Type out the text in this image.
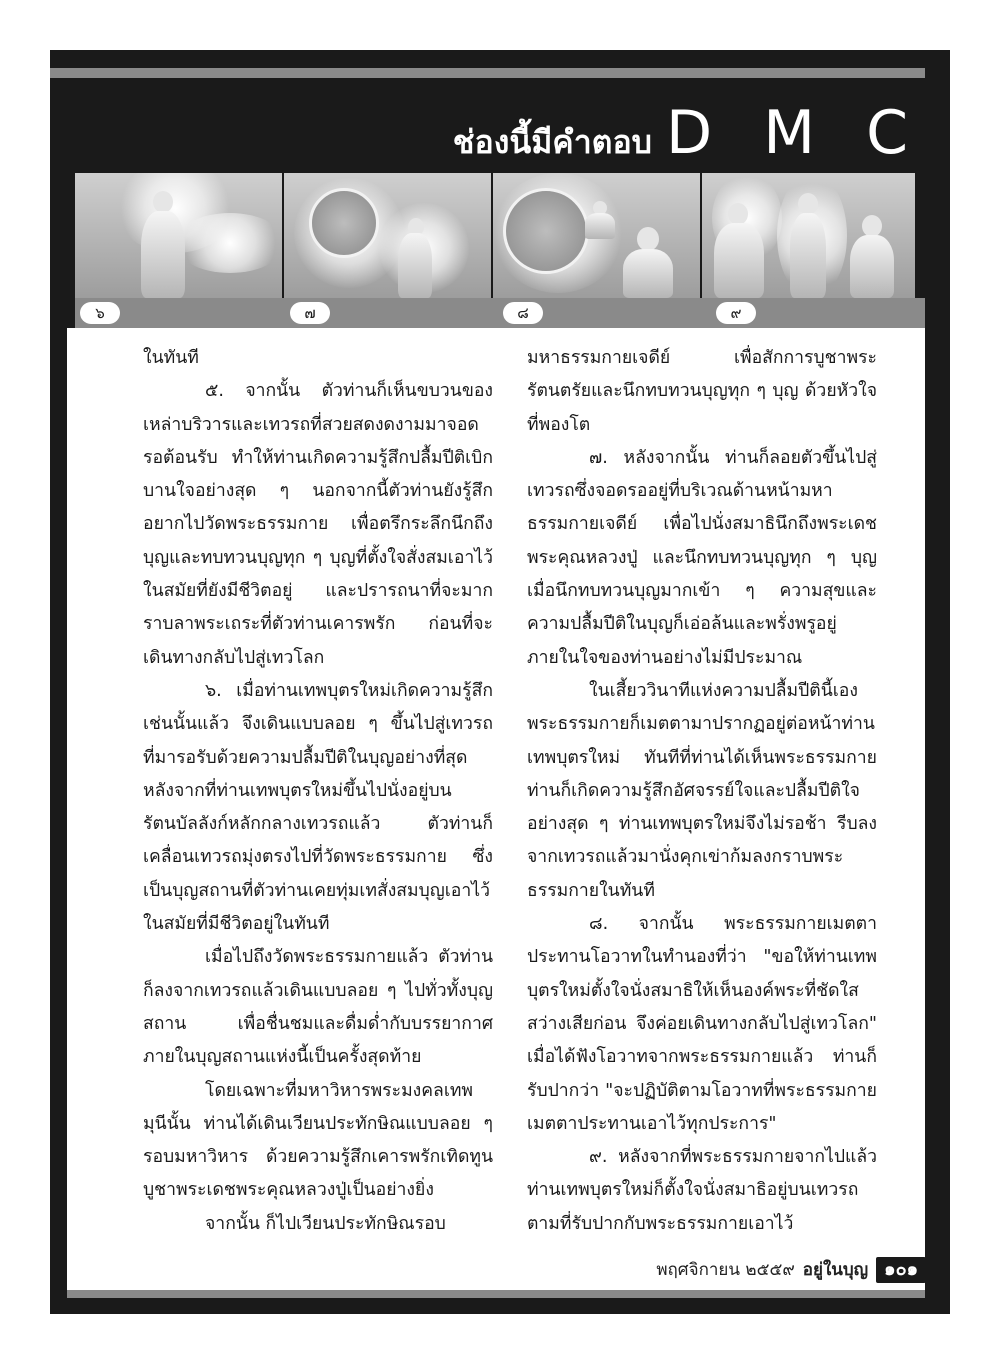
ช่องนี้มีคำตอบ D M C
๖	๗	๘	๙

ในทันที

๕. จากนั้น ตัวท่านก็เห็นขบวนของเหล่าบริวารและเทวรถที่สวยสดงดงามมาจอดรอต้อนรับ ทำให้ท่านเกิดความรู้สึกปลื้มปีติเบิกบานใจอย่างสุด ๆ นอกจากนี้ตัวท่านยังรู้สึกอยากไปวัดพระธรรมกาย เพื่อตรึกระลึกนึกถึงบุญและทบทวนบุญทุก ๆ บุญที่ตั้งใจสั่งสมเอาไว้ในสมัยที่ยังมีชีวิตอยู่ และปรารถนาที่จะมากราบลาพระเถระที่ตัวท่านเคารพรัก ก่อนที่จะเดินทางกลับไปสู่เทวโลก

๖. เมื่อท่านเทพบุตรใหม่เกิดความรู้สึกเช่นนั้นแล้ว จึงเดินแบบลอย ๆ ขึ้นไปสู่เทวรถที่มารอรับด้วยความปลื้มปีติในบุญอย่างที่สุด หลังจากที่ท่านเทพบุตรใหม่ขึ้นไปนั่งอยู่บนรัตนบัลลังก์หลักกลางเทวรถแล้ว ตัวท่านก็เคลื่อนเทวรถมุ่งตรงไปที่วัดพระธรรมกาย ซึ่งเป็นบุญสถานที่ตัวท่านเคยทุ่มเทสั่งสมบุญเอาไว้ในสมัยที่มีชีวิตอยู่ในทันที

เมื่อไปถึงวัดพระธรรมกายแล้ว ตัวท่านก็ลงจากเทวรถแล้วเดินแบบลอย ๆ ไปทั่วทั้งบุญสถาน เพื่อชื่นชมและดื่มด่ำกับบรรยากาศภายในบุญสถานแห่งนี้เป็นครั้งสุดท้าย

โดยเฉพาะที่มหาวิหารพระมงคลเทพมุนีนั้น ท่านได้เดินเวียนประทักษิณแบบลอย ๆ รอบมหาวิหาร ด้วยความรู้สึกเคารพรักเทิดทูนบูชาพระเดชพระคุณหลวงปู่เป็นอย่างยิ่ง

จากนั้น ก็ไปเวียนประทักษิณรอบ

มหาธรรมกายเจดีย์ เพื่อสักการบูชาพระรัตนตรัยและนึกทบทวนบุญทุก ๆ บุญ ด้วยหัวใจที่พองโต

๗. หลังจากนั้น ท่านก็ลอยตัวขึ้นไปสู่เทวรถซึ่งจอดรออยู่ที่บริเวณด้านหน้ามหาธรรมกายเจดีย์ เพื่อไปนั่งสมาธินึกถึงพระเดชพระคุณหลวงปู่ และนึกทบทวนบุญทุก ๆ บุญ เมื่อนึกทบทวนบุญมากเข้า ๆ ความสุขและความปลื้มปีติในบุญก็เอ่อล้นและพรั่งพรูอยู่ภายในใจของท่านอย่างไม่มีประมาณ

ในเสี้ยววินาทีแห่งความปลื้มปีตินี้เอง พระธรรมกายก็เมตตามาปรากฏอยู่ต่อหน้าท่านเทพบุตรใหม่ ทันทีที่ท่านได้เห็นพระธรรมกาย ท่านก็เกิดความรู้สึกอัศจรรย์ใจและปลื้มปีติใจอย่างสุด ๆ ท่านเทพบุตรใหม่จึงไม่รอช้า รีบลงจากเทวรถแล้วมานั่งคุกเข่าก้มลงกราบพระธรรมกายในทันที

๘. จากนั้น พระธรรมกายเมตตาประทานโอวาทในทำนองที่ว่า "ขอให้ท่านเทพบุตรใหม่ตั้งใจนั่งสมาธิให้เห็นองค์พระที่ชัดใสสว่างเสียก่อน จึงค่อยเดินทางกลับไปสู่เทวโลก" เมื่อได้ฟังโอวาทจากพระธรรมกายแล้ว ท่านก็รับปากว่า "จะปฏิบัติตามโอวาทที่พระธรรมกายเมตตาประทานเอาไว้ทุกประการ"

๙. หลังจากที่พระธรรมกายจากไปแล้ว ท่านเทพบุตรใหม่ก็ตั้งใจนั่งสมาธิอยู่บนเทวรถตามที่รับปากกับพระธรรมกายเอาไว้

พฤศจิกายน ๒๕๕๙ อยู่ในบุญ ๑๐๑
